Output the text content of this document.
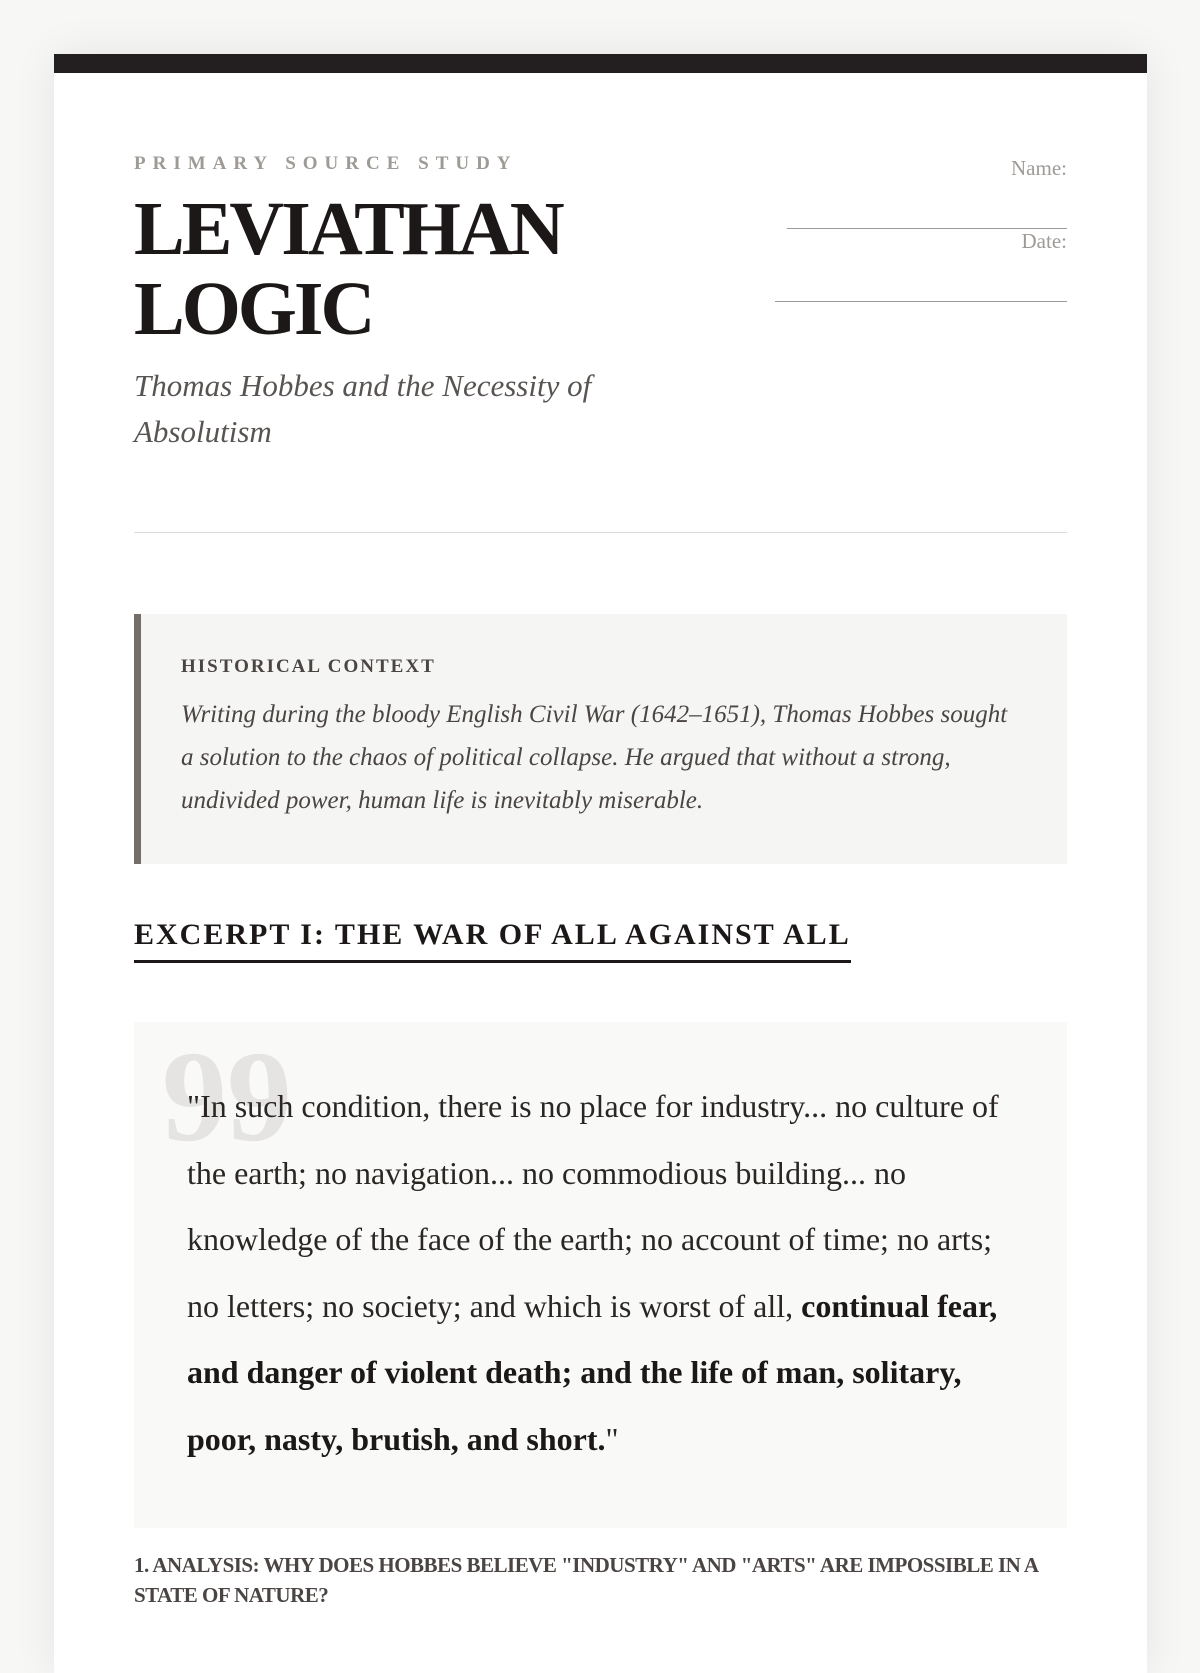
PRIMARY SOURCE STUDY
LEVIATHAN LOGIC
Thomas Hobbes and the Necessity of Absolutism
Name:
Date:
HISTORICAL CONTEXT
Writing during the bloody English Civil War (1642–1651), Thomas Hobbes sought a solution to the chaos of political collapse. He argued that without a strong, undivided power, human life is inevitably miserable.
EXCERPT I: THE WAR OF ALL AGAINST ALL
99
"In such condition, there is no place for industry... no culture of the earth; no navigation... no commodious building... no knowledge of the face of the earth; no account of time; no arts; no letters; no society; and which is worst of all, continual fear, and danger of violent death; and the life of man, solitary, poor, nasty, brutish, and short."
1. ANALYSIS: WHY DOES HOBBES BELIEVE "INDUSTRY" AND "ARTS" ARE IMPOSSIBLE IN A STATE OF NATURE?
